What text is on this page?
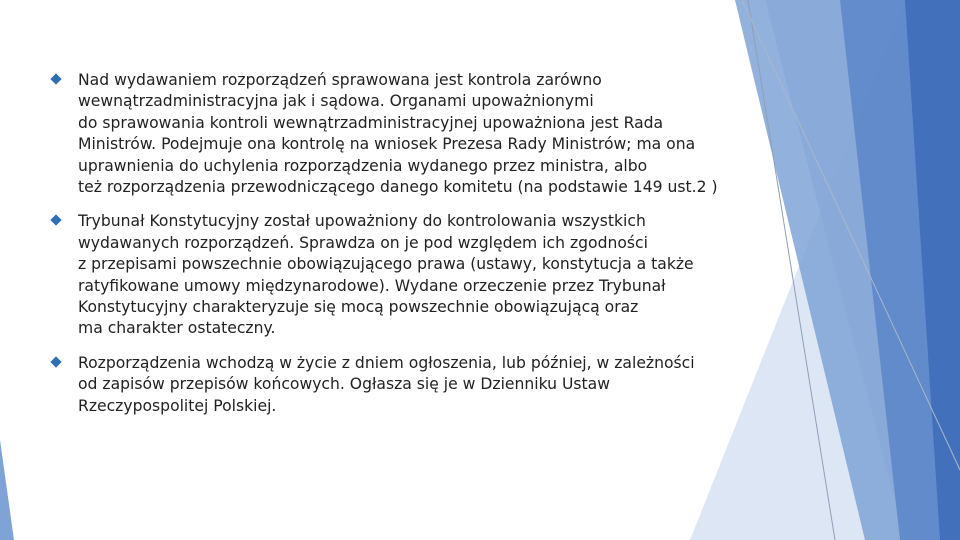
Nad wydawaniem rozporządzeń sprawowana jest kontrola zarówno
wewnątrzadministracyjna jak i sądowa. Organami upoważnionymi
do sprawowania kontroli wewnątrzadministracyjnej upoważniona jest Rada
Ministrów. Podejmuje ona kontrolę na wniosek Prezesa Rady Ministrów; ma ona
uprawnienia do uchylenia rozporządzenia wydanego przez ministra, albo
też rozporządzenia przewodniczącego danego komitetu (na podstawie 149 ust.2 )

Trybunał Konstytucyjny został upoważniony do kontrolowania wszystkich
wydawanych rozporządzeń. Sprawdza on je pod względem ich zgodności
z przepisami powszechnie obowiązującego prawa (ustawy, konstytucja a także
ratyfikowane umowy międzynarodowe). Wydane orzeczenie przez Trybunał
Konstytucyjny charakteryzuje się mocą powszechnie obowiązującą oraz
ma charakter ostateczny.

Rozporządzenia wchodzą w życie z dniem ogłoszenia, lub później, w zależności
od zapisów przepisów końcowych. Ogłasza się je w Dzienniku Ustaw
Rzeczypospolitej Polskiej.
